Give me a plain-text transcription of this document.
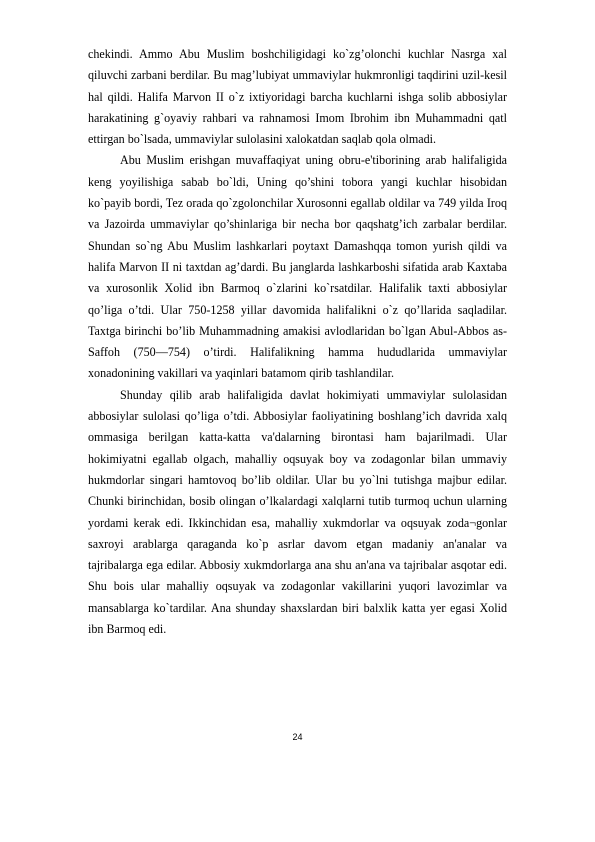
chekindi. Ammo Abu Muslim boshchiligidagi ko`zg’olonchi kuchlar Nasrga xal qiluvchi zarbani berdilar. Bu mag’lubiyat ummaviylar hukmronligi taqdirini uzil-kesil hal qildi. Halifa Marvon II o`z ixtiyoridagi barcha kuchlarni ishga solib abbosiylar harakatining g`oyaviy rahbari va rahnamosi Imom Ibrohim ibn Muhammadni qatl ettirgan bo`lsada, ummaviylar sulolasini xalokatdan saqlab qola olmadi.

Abu Muslim erishgan muvaffaqiyat uning obru-e'tiborining arab halifaligida keng yoyilishiga sabab bo`ldi, Uning qo’shini tobora yangi kuchlar hisobidan ko`payib bordi, Tez orada qo`zgolonchilar Xurosonni egallab oldilar va 749 yilda Iroq va Jazoirda ummaviylar qo’shinlariga bir necha bor qaqshatg’ich zarbalar berdilar. Shundan so`ng Abu Muslim lashkarlari poytaxt Damashqqa tomon yurish qildi va halifa Marvon II ni taxtdan ag’dardi. Bu janglarda lashkarboshi sifatida arab Kaxtaba va xurosonlik Xolid ibn Barmoq o`zlarini ko`rsatdilar. Halifalik taxti abbosiylar qo’liga o’tdi. Ular 750-1258 yillar davomida halifalikni o`z qo’llarida saqladilar. Taxtga birinchi bo’lib Muhammadning amakisi avlodlaridan bo`lgan Abul-Abbos as-Saffoh (750—754) o’tirdi. Halifalikning hamma hududlarida ummaviylar xonadonining vakillari va yaqinlari batamom qirib tashlandilar.

Shunday qilib arab halifaligida davlat hokimiyati ummaviylar sulolasidan abbosiylar sulolasi qo’liga o’tdi. Abbosiylar faoliyatining boshlang’ich davrida xalq ommasiga berilgan katta-katta va'dalarning birontasi ham bajarilmadi. Ular hokimiyatni egallab olgach, mahalliy oqsuyak boy va zodagonlar bilan ummaviy hukmdorlar singari hamtovoq bo’lib oldilar. Ular bu yo`lni tutishga majbur edilar. Chunki birinchidan, bosib olingan o’lkalardagi xalqlarni tutib turmoq uchun ularning yordami kerak edi. Ikkinchidan esa, mahalliy xukmdorlar va oqsuyak zoda¬gonlar saxroyi arablarga qaraganda ko`p asrlar davom etgan madaniy an'analar va tajribalarga ega edilar. Abbosiy xukmdorlarga ana shu an'ana va tajribalar asqotar edi. Shu bois ular mahalliy oqsuyak va zodagonlar vakillarini yuqori lavozimlar va mansablarga ko`tardilar. Ana shunday shaxslardan biri balxlik katta yer egasi Xolid ibn Barmoq edi.

24
